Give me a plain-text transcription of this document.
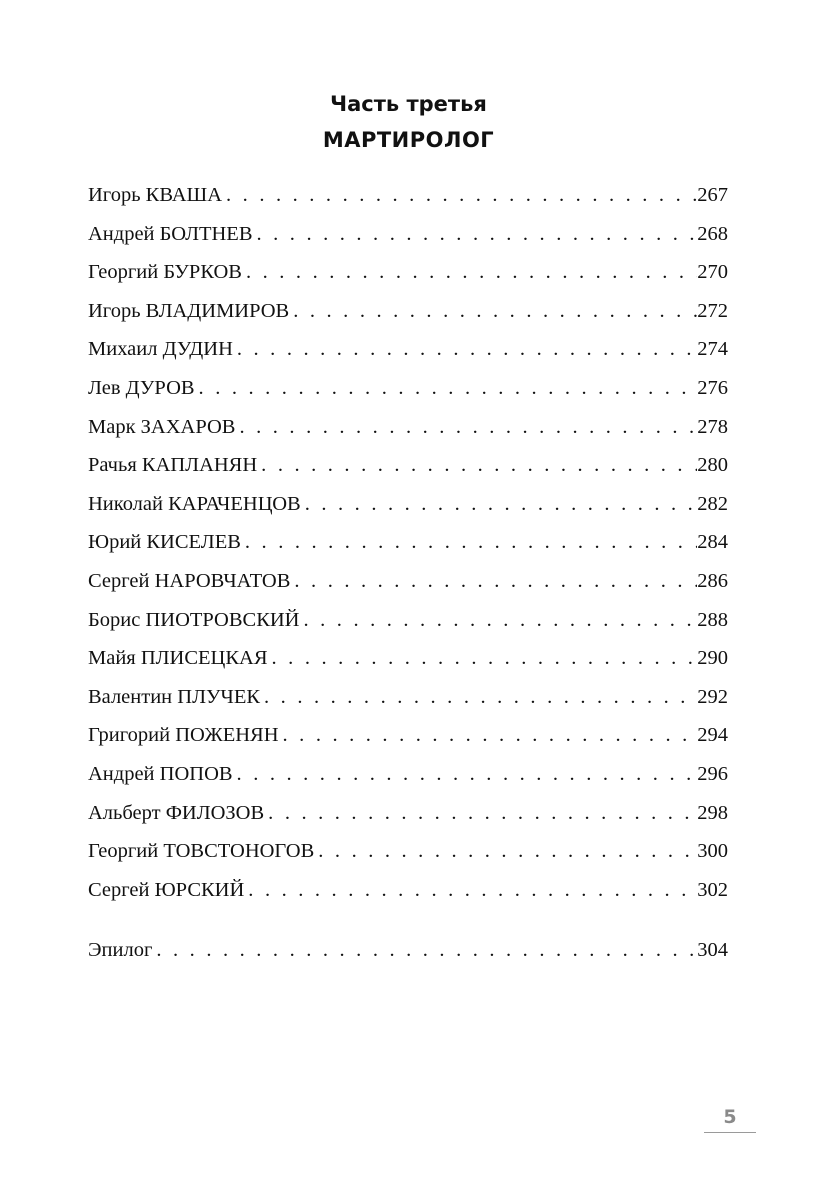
Часть третья
МАРТИРОЛОГ
Игорь КВАША . . .	267
Андрей БОЛТНЕВ . . .	268
Георгий БУРКОВ . . .	270
Игорь ВЛАДИМИРОВ . . .	272
Михаил ДУДИН . . .	274
Лев ДУРОВ . . .	276
Марк ЗАХАРОВ . . .	278
Рачья КАПЛАНЯН . . .	280
Николай КАРАЧЕНЦОВ . . .	282
Юрий КИСЕЛЕВ . . .	284
Сергей НАРОВЧАТОВ . . .	286
Борис ПИОТРОВСКИЙ . . .	288
Майя ПЛИСЕЦКАЯ . . .	290
Валентин ПЛУЧЕК . . .	292
Григорий ПОЖЕНЯН . . .	294
Андрей ПОПОВ . . .	296
Альберт ФИЛОЗОВ . . .	298
Георгий ТОВСТОНОГОВ . . .	300
Сергей ЮРСКИЙ . . .	302
Эпилог . . .	304
5
